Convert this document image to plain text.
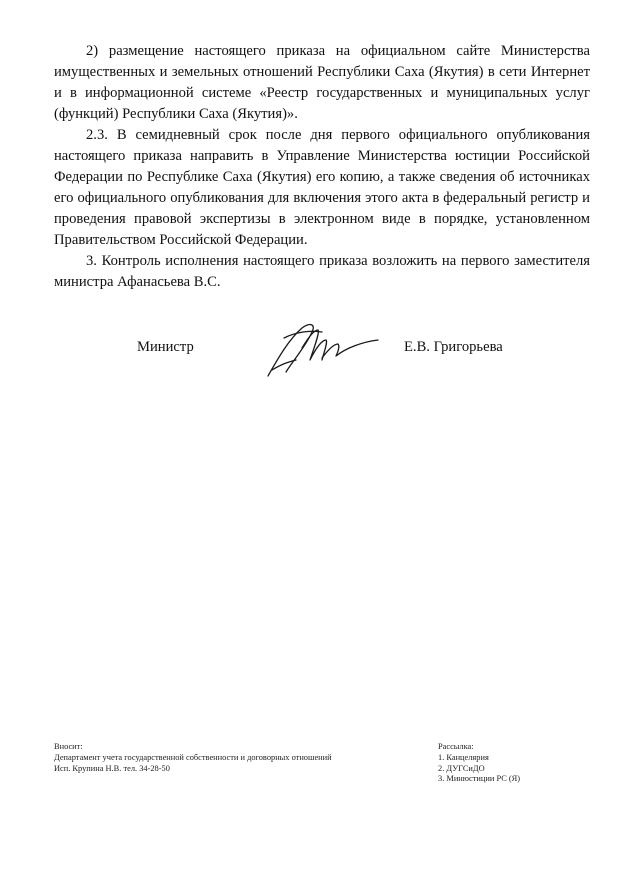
2) размещение настоящего приказа на официальном сайте Министерства имущественных и земельных отношений Республики Саха (Якутия) в сети Интернет и в информационной системе «Реестр государственных и муниципальных услуг (функций) Республики Саха (Якутия)».

2.3. В семидневный срок после дня первого официального опубликования настоящего приказа направить в Управление Министерства юстиции Российской Федерации по Республике Саха (Якутия) его копию, а также сведения об источниках его официального опубликования для включения этого акта в федеральный регистр и проведения правовой экспертизы в электронном виде в порядке, установленном Правительством Российской Федерации.

3. Контроль исполнения настоящего приказа возложить на первого заместителя министра Афанасьева В.С.

Министр	Е.В. Григорьева
Вносит:
Департамент учета государственной собственности и договорных отношений
Исп. Крупина Н.В. тел. 34-28-50
Рассылка:
1. Канцелярия
2. ДУГСиДО
3. Минюстиции РС (Я)
